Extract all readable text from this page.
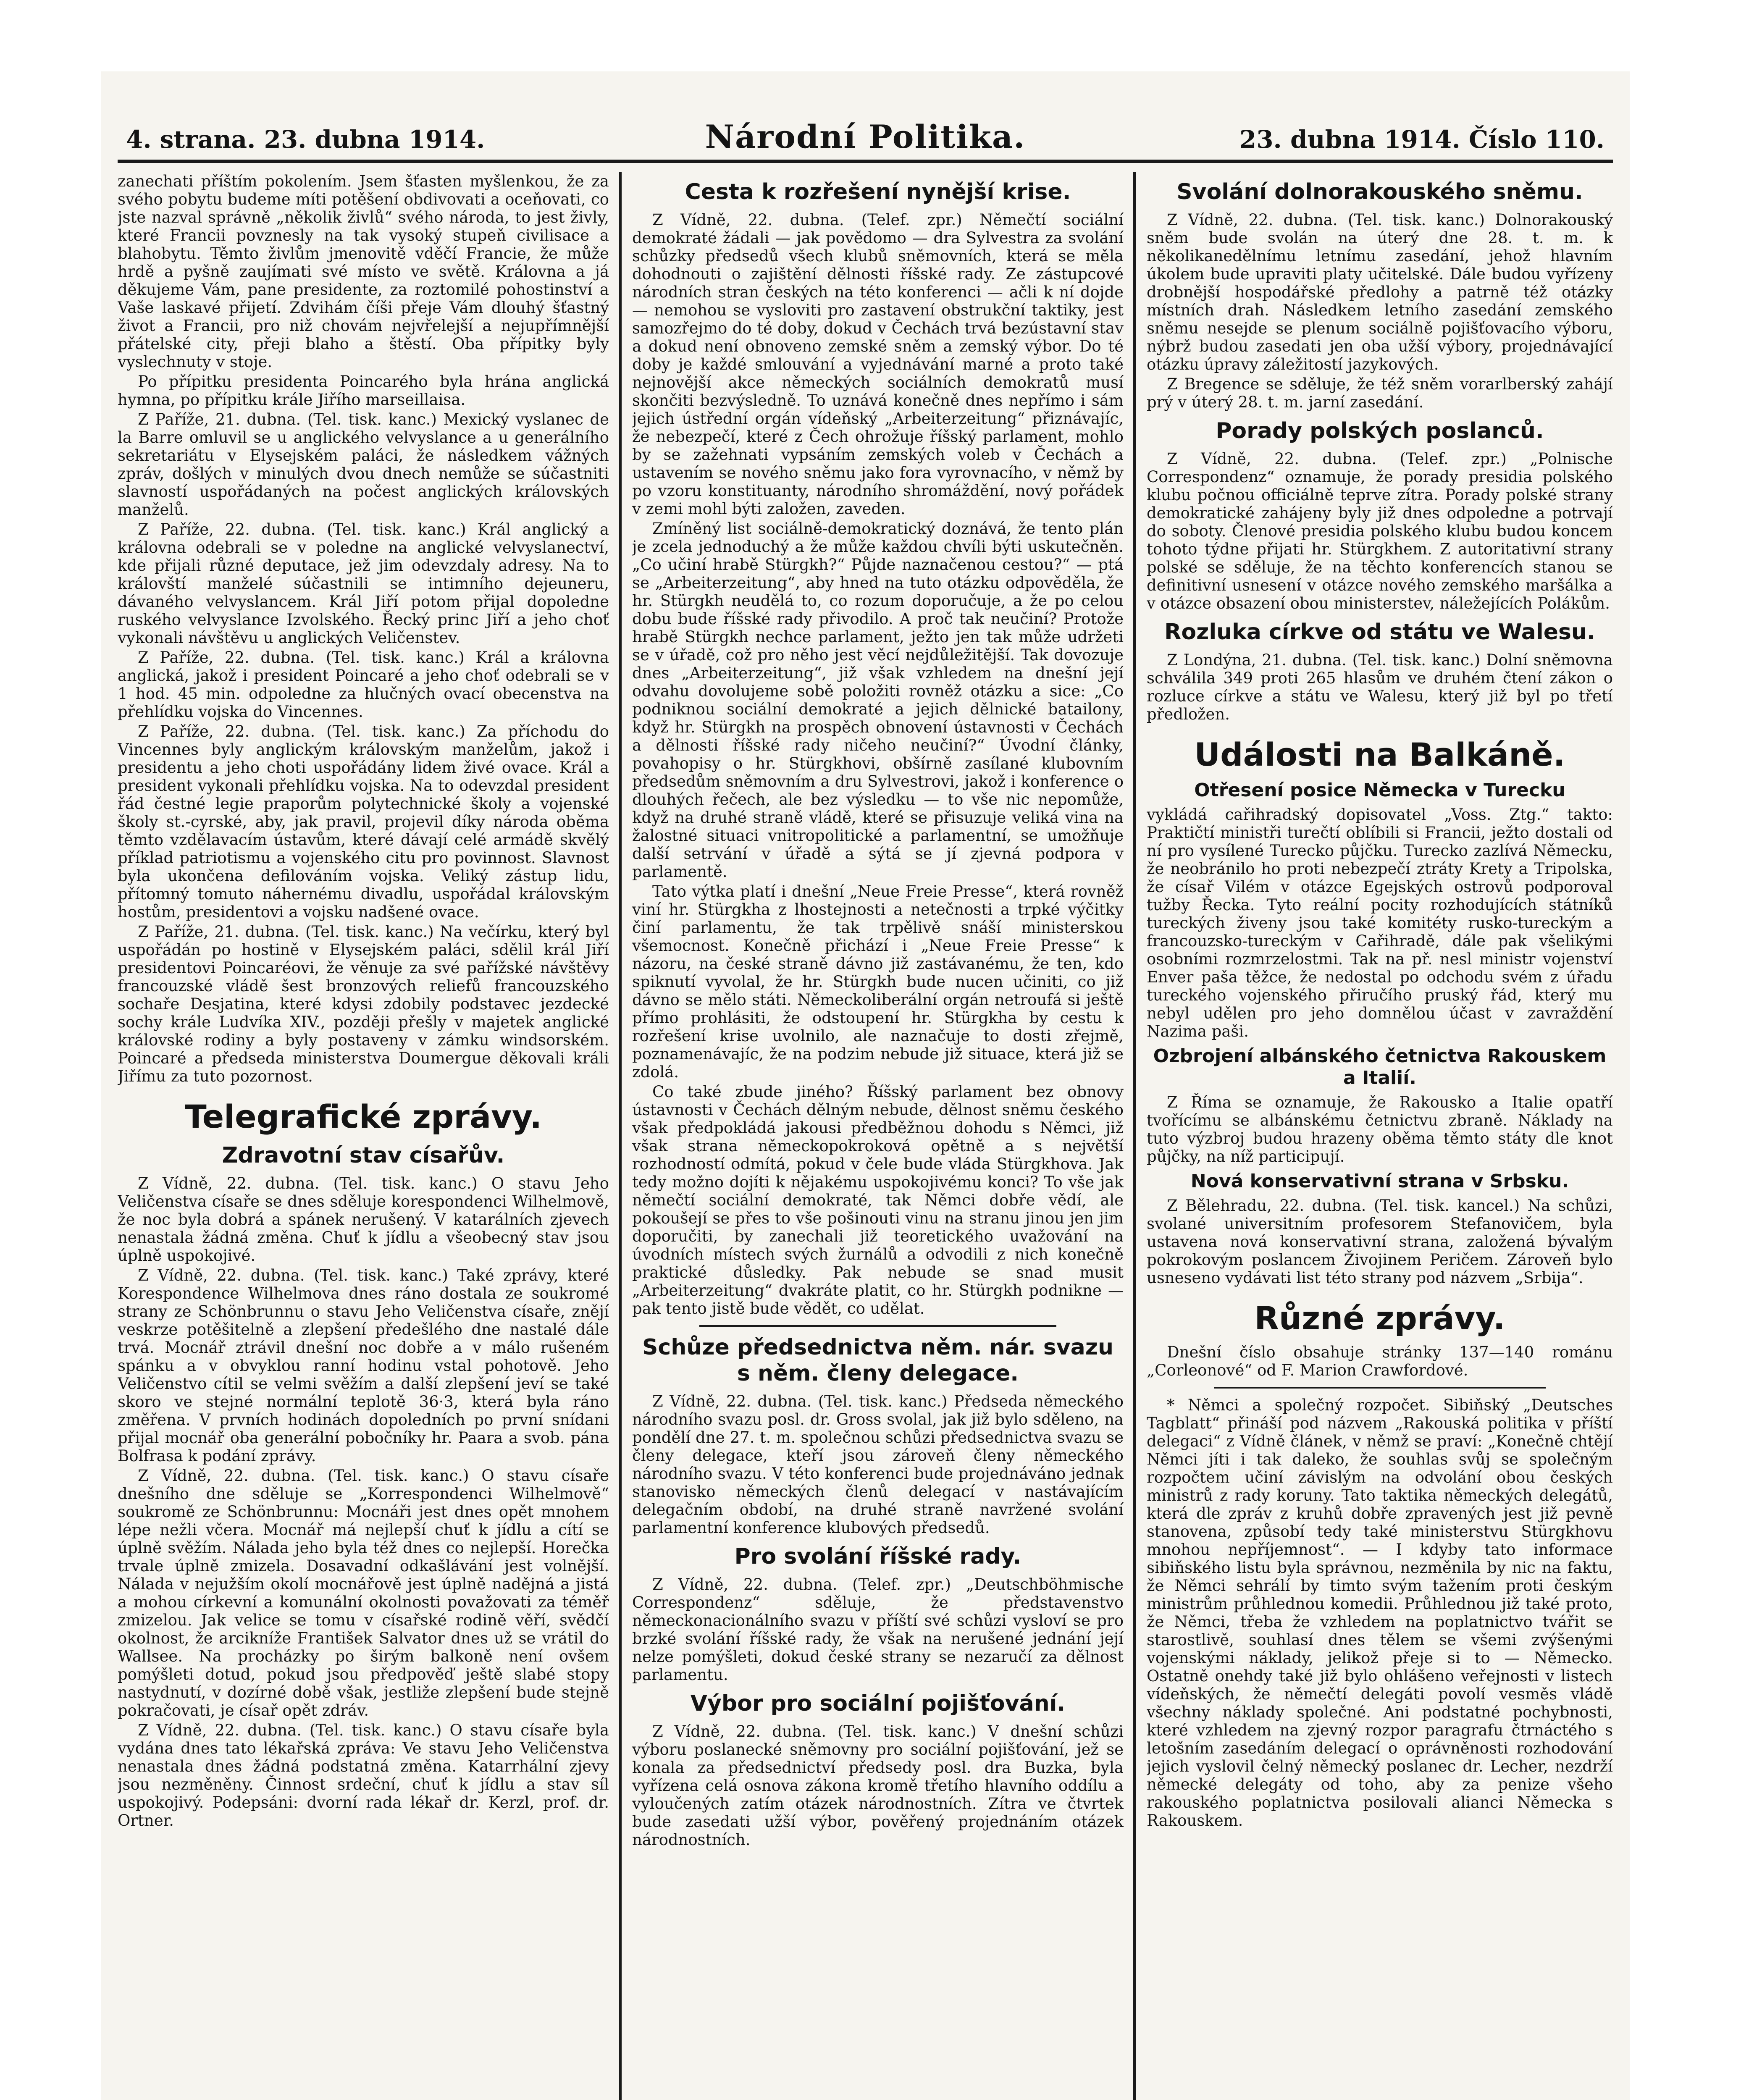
4. strana. 23. dubna 1914.	Národní Politika.	23. dubna 1914. Číslo 110.

zanechati příštím pokolením. Jsem šťasten myšlenkou, že za svého pobytu budeme míti potěšení obdivovati a oceňovati, co jste nazval správně „několik živlů“ svého národa, to jest živly, které Francii povznesly na tak vysoký stupeň civilisace a blahobytu. Těmto živlům jmenovitě vděčí Francie, že může hrdě a pyšně zaujímati své místo ve světě. Královna a já děkujeme Vám, pane presidente, za roztomilé pohostinství a Vaše laskavé přijetí. Zdvihám číši přeje Vám dlouhý šťastný život a Francii, pro niž chovám nejvřelejší a nejupřímnější přátelské city, přeji blaho a štěstí. Oba přípitky byly vyslechnuty v stoje.

Po přípitku presidenta Poincarého byla hrána anglická hymna, po přípitku krále Jiřího marseillaisa.

Z Paříže, 21. dubna. (Tel. tisk. kanc.) Mexický vyslanec de la Barre omluvil se u anglického velvyslance a u generálního sekretariátu v Elysejském paláci, že následkem vážných zpráv, došlých v minulých dvou dnech nemůže se súčastniti slavností uspořádaných na počest anglických královských manželů.

Z Paříže, 22. dubna. (Tel. tisk. kanc.) Král anglický a královna odebrali se v poledne na anglické velvyslanectví, kde přijali různé deputace, jež jim odevzdaly adresy. Na to královští manželé súčastnili se intimního dejeuneru, dávaného velvyslancem. Král Jiří potom přijal dopoledne ruského velvyslance Izvolského. Řecký princ Jiří a jeho choť vykonali návštěvu u anglických Veličenstev.

Z Paříže, 22. dubna. (Tel. tisk. kanc.) Král a královna anglická, jakož i president Poincaré a jeho choť odebrali se v 1 hod. 45 min. odpoledne za hlučných ovací obecenstva na přehlídku vojska do Vincennes.

Z Paříže, 22. dubna. (Tel. tisk. kanc.) Za příchodu do Vincennes byly anglickým královským manželům, jakož i presidentu a jeho choti uspořádány lidem živé ovace. Král a president vykonali přehlídku vojska. Na to odevzdal president řád čestné legie praporům polytechnické školy a vojenské školy st.-cyrské, aby, jak pravil, projevil díky národa oběma těmto vzdělavacím ústavům, které dávají celé armádě skvělý příklad patriotismu a vojenského citu pro povinnost. Slavnost byla ukončena defilováním vojska. Veliký zástup lidu, přítomný tomuto náhernému divadlu, uspořádal královským hostům, presidentovi a vojsku nadšené ovace.

Z Paříže, 21. dubna. (Tel. tisk. kanc.) Na večírku, který byl uspořádán po hostině v Elysejském paláci, sdělil král Jiří presidentovi Poincaréovi, že věnuje za své pařížské návštěvy francouzské vládě šest bronzových reliefů francouzského sochaře Desjatina, které kdysi zdobily podstavec jezdecké sochy krále Ludvíka XIV., později přešly v majetek anglické královské rodiny a byly postaveny v zámku windsorském. Poincaré a předseda ministerstva Doumergue děkovali králi Jiřímu za tuto pozornost.

Telegrafické zprávy.
Zdravotní stav císařův.

Z Vídně, 22. dubna. (Tel. tisk. kanc.) O stavu Jeho Veličenstva císaře se dnes sděluje korespondenci Wilhelmově, že noc byla dobrá a spánek nerušený. V katarálních zjevech nenastala žádná změna. Chuť k jídlu a všeobecný stav jsou úplně uspokojivé.

Z Vídně, 22. dubna. (Tel. tisk. kanc.) Také zprávy, které Korespondence Wilhelmova dnes ráno dostala ze soukromé strany ze Schönbrunnu o stavu Jeho Veličenstva císaře, znějí veskrze potěšitelně a zlepšení předešlého dne nastalé dále trvá. Mocnář ztrávil dnešní noc dobře a v málo rušeném spánku a v obvyklou ranní hodinu vstal pohotově. Jeho Veličenstvo cítil se velmi svěžím a další zlepšení jeví se také skoro ve stejné normální teplotě 36·3, která byla ráno změřena. V prvních hodinách dopoledních po první snídani přijal mocnář oba generální pobočníky hr. Paara a svob. pána Bolfrasa k podání zprávy.

Z Vídně, 22. dubna. (Tel. tisk. kanc.) O stavu císaře dnešního dne sděluje se „Korrespondenci Wilhelmově“ soukromě ze Schönbrunnu: Mocnáři jest dnes opět mnohem lépe nežli včera. Mocnář má nejlepší chuť k jídlu a cítí se úplně svěžím. Nálada jeho byla též dnes co nejlepší. Horečka trvale úplně zmizela. Dosavadní odkašlávání jest volnější. Nálada v nejužším okolí mocnářově jest úplně nadějná a jistá a mohou církevní a komunální okolnosti považovati za téměř zmizelou. Jak velice se tomu v císařské rodině věří, svědčí okolnost, že arcikníže František Salvator dnes už se vrátil do Wallsee. Na procházky po širým balkoně není ovšem pomýšleti dotud, pokud jsou předpověď ještě slabé stopy nastydnutí, v dozírné době však, jestliže zlepšení bude stejně pokračovati, je císař opět zdráv.

Z Vídně, 22. dubna. (Tel. tisk. kanc.) O stavu císaře byla vydána dnes tato lékařská zpráva: Ve stavu Jeho Veličenstva nenastala dnes žádná podstatná změna. Katarrhální zjevy jsou nezměněny. Činnost srdeční, chuť k jídlu a stav síl uspokojivý. Podepsáni: dvorní rada lékař dr. Kerzl, prof. dr. Ortner.

Cesta k rozřešení nynější krise.

Z Vídně, 22. dubna. (Telef. zpr.) Němečtí sociální demokraté žádali — jak povědomo — dra Sylvestra za svolání schůzky předsedů všech klubů sněmovních, která se měla dohodnouti o zajištění dělnosti říšské rady. Ze zástupcové národních stran českých na této konferenci — ačli k ní dojde — nemohou se vysloviti pro zastavení obstrukční taktiky, jest samozřejmo do té doby, dokud v Čechách trvá bezústavní stav a dokud není obnoveno zemské sněm a zemský výbor. Do té doby je každé smlouvání a vyjednávání marné a proto také nejnovější akce německých sociálních demokratů musí skončiti bezvýsledně. To uznává konečně dnes nepřímo i sám jejich ústřední orgán vídeňský „Arbeiterzeitung“ přiznávajíc, že nebezpečí, které z Čech ohrožuje říšský parlament, mohlo by se zažehnati vypsáním zemských voleb v Čechách a ustavením se nového sněmu jako fora vyrovnacího, v němž by po vzoru konstituanty, národního shromáždění, nový pořádek v zemi mohl býti založen, zaveden.

Zmíněný list sociálně-demokratický doznává, že tento plán je zcela jednoduchý a že může každou chvíli býti uskutečněn. „Co učiní hrabě Stürgkh?“ Půjde naznačenou cestou?“ — ptá se „Arbeiterzeitung“, aby hned na tuto otázku odpověděla, že hr. Stürgkh neudělá to, co rozum doporučuje, a že po celou dobu bude říšské rady přivodilo. A proč tak neučiní? Protože hrabě Stürgkh nechce parlament, ježto jen tak může udržeti se v úřadě, což pro něho jest věcí nejdůležitější. Tak dovozuje dnes „Arbeiterzeitung“, již však vzhledem na dnešní její odvahu dovolujeme sobě položiti rovněž otázku a sice: „Co podniknou sociální demokraté a jejich dělnické batailony, když hr. Stürgkh na prospěch obnovení ústavnosti v Čechách a dělnosti říšské rady ničeho neučiní?“ Úvodní články, povahopisy o hr. Stürgkhovi, obšírně zasílané klubovním předsedům sněmovním a dru Sylvestrovi, jakož i konference o dlouhých řečech, ale bez výsledku — to vše nic nepomůže, když na druhé straně vládě, které se přisuzuje veliká vina na žalostné situaci vnitropolitické a parlamentní, se umožňuje další setrvání v úřadě a sýtá se jí zjevná podpora v parlamentě.

Tato výtka platí i dnešní „Neue Freie Presse“, která rovněž viní hr. Stürgkha z lhostejnosti a netečnosti a trpké výčitky činí parlamentu, že tak trpělivě snáší ministerskou všemocnost. Konečně přichází i „Neue Freie Presse“ k názoru, na české straně dávno již zastávanému, že ten, kdo spiknutí vyvolal, že hr. Stürgkh bude nucen učiniti, co již dávno se mělo státi. Německoliberální orgán netroufá si ještě přímo prohlásiti, že odstoupení hr. Stürgkha by cestu k rozřešení krise uvolnilo, ale naznačuje to dosti zřejmě, poznamenávajíc, že na podzim nebude již situace, která již se zdolá.

Co také zbude jiného? Říšský parlament bez obnovy ústavnosti v Čechách dělným nebude, dělnost sněmu českého však předpokládá jakousi předběžnou dohodu s Němci, již však strana německopokroková opětně a s největší rozhodností odmítá, pokud v čele bude vláda Stürgkhova. Jak tedy možno dojíti k nějakému uspokojivému konci? To vše jak němečtí sociální demokraté, tak Němci dobře vědí, ale pokoušejí se přes to vše pošinouti vinu na stranu jinou jen jim doporučiti, by zanechali již teoretického uvažování na úvodních místech svých žurnálů a odvodili z nich konečně praktické důsledky. Pak nebude se snad musit „Arbeiterzeitung“ dvakráte platit, co hr. Stürgkh podnikne — pak tento jistě bude vědět, co udělat.

Schůze předsednictva něm. nár. svazu s něm. členy delegace.

Z Vídně, 22. dubna. (Tel. tisk. kanc.) Předseda německého národního svazu posl. dr. Gross svolal, jak již bylo sděleno, na pondělí dne 27. t. m. společnou schůzi předsednictva svazu se členy delegace, kteří jsou zároveň členy německého národního svazu. V této konferenci bude projednáváno jednak stanovisko německých členů delegací v nastávajícím delegačním období, na druhé straně navržené svolání parlamentní konference klubových předsedů.

Pro svolání říšské rady.

Z Vídně, 22. dubna. (Telef. zpr.) „Deutschböhmische Correspondenz“ sděluje, že představenstvo německonacionálního svazu v příští své schůzi vysloví se pro brzké svolání říšské rady, že však na nerušené jednání její nelze pomýšleti, dokud české strany se nezaručí za dělnost parlamentu.

Výbor pro sociální pojišťování.

Z Vídně, 22. dubna. (Tel. tisk. kanc.) V dnešní schůzi výboru poslanecké sněmovny pro sociální pojišťování, jež se konala za předsednictví předsedy posl. dra Buzka, byla vyřízena celá osnova zákona kromě třetího hlavního oddílu a vyloučených zatím otázek národnostních. Zítra ve čtvrtek bude zasedati užší výbor, pověřený projednáním otázek národnostních.

Svolání dolnorakouského sněmu.

Z Vídně, 22. dubna. (Tel. tisk. kanc.) Dolnorakouský sněm bude svolán na úterý dne 28. t. m. k několikanedělnímu letnímu zasedání, jehož hlavním úkolem bude upraviti platy učitelské. Dále budou vyřízeny drobnější hospodářské předlohy a patrně též otázky místních drah. Následkem letního zasedání zemského sněmu nesejde se plenum sociálně pojišťovacího výboru, nýbrž budou zasedati jen oba užší výbory, projednávající otázku úpravy záležitostí jazykových.

Z Bregence se sděluje, že též sněm vorarlberský zahájí prý v úterý 28. t. m. jarní zasedání.

Porady polských poslanců.

Z Vídně, 22. dubna. (Telef. zpr.) „Polnische Correspondenz“ oznamuje, že porady presidia polského klubu počnou officiálně teprve zítra. Porady polské strany demokratické zahájeny byly již dnes odpoledne a potrvají do soboty. Členové presidia polského klubu budou koncem tohoto týdne přijati hr. Stürgkhem. Z autoritativní strany polské se sděluje, že na těchto konferencích stanou se definitivní usnesení v otázce nového zemského maršálka a v otázce obsazení obou ministerstev, náležejících Polákům.

Rozluka církve od státu ve Walesu.

Z Londýna, 21. dubna. (Tel. tisk. kanc.) Dolní sněmovna schválila 349 proti 265 hlasům ve druhém čtení zákon o rozluce církve a státu ve Walesu, který již byl po třetí předložen.

Události na Balkáně.
Otřesení posice Německa v Turecku

vykládá cařihradský dopisovatel „Voss. Ztg.“ takto: Praktičtí ministři turečtí oblíbili si Francii, ježto dostali od ní pro vysílené Turecko půjčku. Turecko zazlívá Německu, že neobránilo ho proti nebezpečí ztráty Krety a Tripolska, že císař Vilém v otázce Egejských ostrovů podporoval tužby Řecka. Tyto reální pocity rozhodujících státníků tureckých živeny jsou také komitéty rusko-tureckým a francouzsko-tureckým v Cařihradě, dále pak všelikými osobními rozmrzelostmi. Tak na př. nesl ministr vojenství Enver paša těžce, že nedostal po odchodu svém z úřadu tureckého vojenského přiručího pruský řád, který mu nebyl udělen pro jeho domnělou účast v zavraždění Nazima paši.

Ozbrojení albánského četnictva Rakouskem a Italií.

Z Říma se oznamuje, že Rakousko a Italie opatří tvořícímu se albánskému četnictvu zbraně. Náklady na tuto výzbroj budou hrazeny oběma těmto státy dle knot půjčky, na níž participují.

Nová konservativní strana v Srbsku.

Z Bělehradu, 22. dubna. (Tel. tisk. kancel.) Na schůzi, svolané universitním profesorem Stefanovičem, byla ustavena nová konservativní strana, založená bývalým pokrokovým poslancem Živojinem Peričem. Zároveň bylo usneseno vydávati list této strany pod názvem „Srbija“.

Různé zprávy.

Dnešní číslo obsahuje stránky 137—140 románu „Corleonové“ od F. Marion Crawfordové.

* Němci a společný rozpočet. Sibiňský „Deutsches Tagblatt“ přináší pod názvem „Rakouská politika v příští delegaci“ z Vídně článek, v němž se praví: „Konečně chtějí Němci jíti i tak daleko, že souhlas svůj se společným rozpočtem učiní závislým na odvolání obou českých ministrů z rady koruny. Tato taktika německých delegátů, která dle zpráv z kruhů dobře zpravených jest již pevně stanovena, způsobí tedy také ministerstvu Stürgkhovu mnohou nepříjemnost“. — I kdyby tato informace sibiňského listu byla správnou, nezměnila by nic na faktu, že Němci sehrálí by timto svým tažením proti českým ministrům průhlednou komedii. Průhlednou již také proto, že Němci, třeba že vzhledem na poplatnictvo tvářit se starostlivě, souhlasí dnes tělem se všemi zvýšenými vojenskými náklady, jelikož přeje si to — Německo. Ostatně onehdy také již bylo ohlášeno veřejnosti v listech vídeňských, že němečtí delegáti povolí vesměs vládě všechny náklady společné. Ani podstatné pochybnosti, které vzhledem na zjevný rozpor paragrafu čtrnáctého s letošním zasedáním delegací o oprávněnosti rozhodování jejich vyslovil čelný německý poslanec dr. Lecher, nezdrží německé delegáty od toho, aby za penize všeho rakouského poplatnictva posilovali alianci Německa s Rakouskem.
